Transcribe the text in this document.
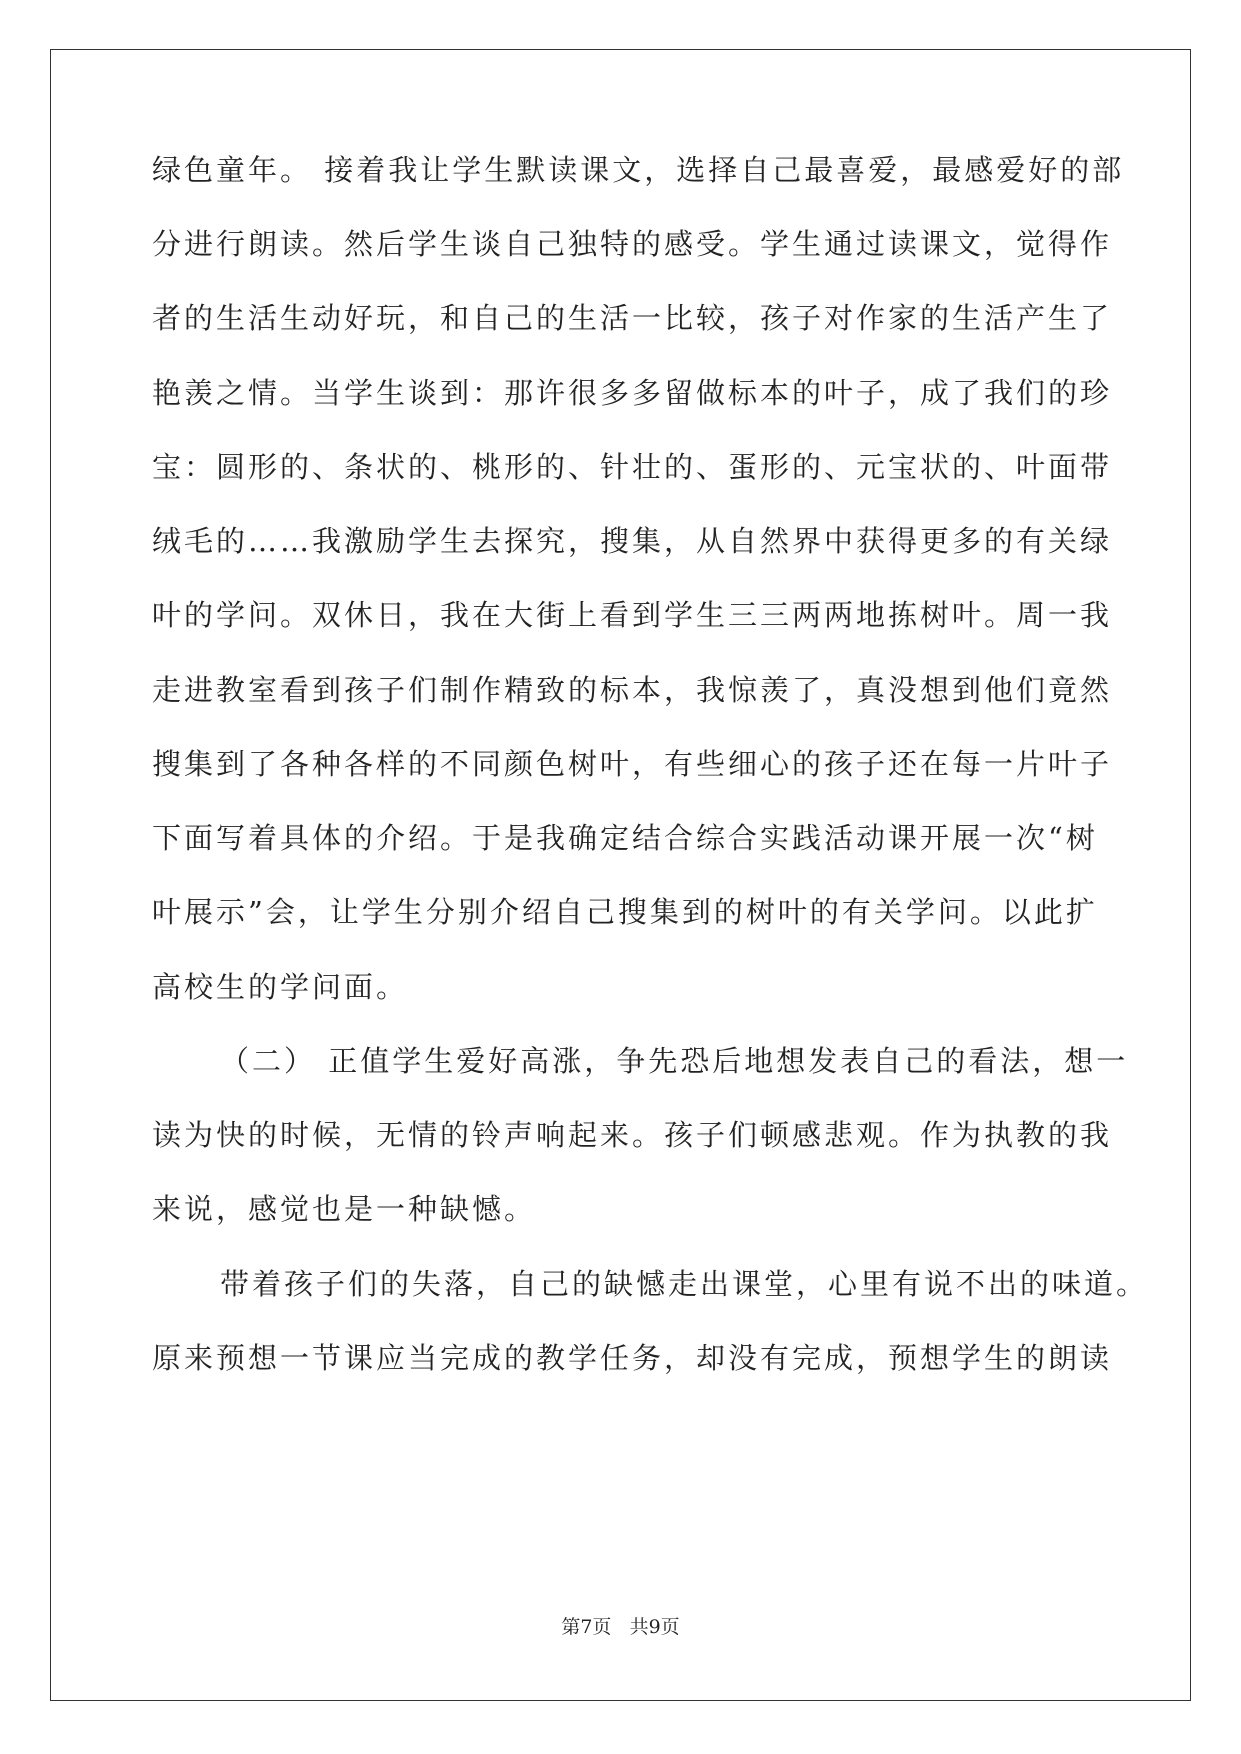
绿色童年。 接着我让学生默读课文，选择自己最喜爱，最感爱好的部
分进行朗读。然后学生谈自己独特的感受。学生通过读课文，觉得作
者的生活生动好玩，和自己的生活一比较，孩子对作家的生活产生了
艳羡之情。当学生谈到：那许很多多留做标本的叶子，成了我们的珍
宝：圆形的、条状的、桃形的、针壮的、蛋形的、元宝状的、叶面带
绒毛的……我激励学生去探究，搜集，从自然界中获得更多的有关绿
叶的学问。双休日，我在大街上看到学生三三两两地拣树叶。周一我
走进教室看到孩子们制作精致的标本，我惊羡了，真没想到他们竟然
搜集到了各种各样的不同颜色树叶，有些细心的孩子还在每一片叶子
下面写着具体的介绍。于是我确定结合综合实践活动课开展一次“树
叶展示”会，让学生分别介绍自己搜集到的树叶的有关学问。以此扩
高校生的学问面。
（二） 正值学生爱好高涨，争先恐后地想发表自己的看法，想一
读为快的时候，无情的铃声响起来。孩子们顿感悲观。作为执教的我
来说，感觉也是一种缺憾。
带着孩子们的失落，自己的缺憾走出课堂，心里有说不出的味道。
原来预想一节课应当完成的教学任务，却没有完成，预想学生的朗读
第7页 共9页
